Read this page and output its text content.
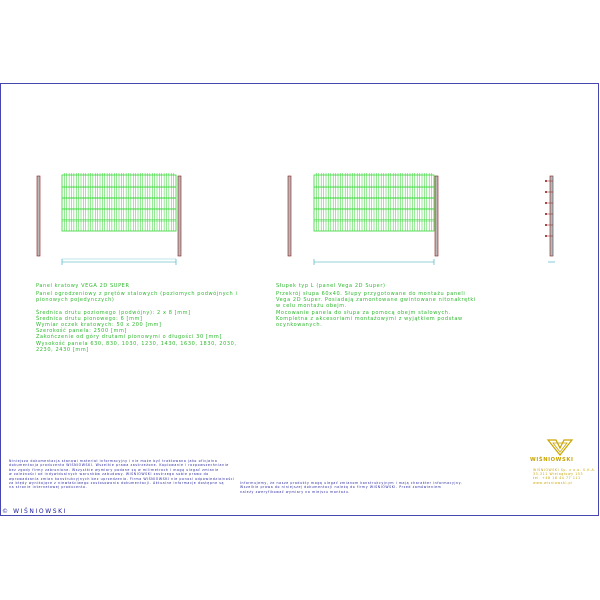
Panel kratowy VEGA 2D SUPER
Panel ogrodzeniowy z prętów stalowych (poziomych podwójnych i
pionowych pojedynczych)
Średnica drutu poziomego (podwójny): 2 x 8 [mm]
Średnica drutu pionowego: 6 [mm]
Wymiar oczek kratowych: 50 x 200 [mm]
Szerokość panela: 2500 [mm]
Zakończenie od góry drutami pionowymi o długości 30 [mm]
Wysokość panela 630, 830, 1030, 1230, 1430, 1630, 1830, 2030,
2230, 2430 [mm]
Słupek typ L (panel Vega 2D Super)
Przekrój słupa 60x40. Słupy przygotowane do montażu paneli
Vega 2D Super. Posiadają zamontowane gwintowane nitonakrętki
w celu montażu obejm.
Mocowanie panela do słupa za pomocą obejm stalowych.
Kompletna z akcesoriami montażowymi z wyjątkiem podstaw
ocynkowanych.
WIŚNIOWSKI
WIŚNIOWSKI Sp. z o.o. S.K.A.
33-311 Wielogłowy 153
tel. +48 18 44 77 111
www.wisniowski.pl
Niniejsza dokumentacja stanowi materiał informacyjny i nie może być traktowana jako oficjalna
dokumentacja producenta WIŚNIOWSKI. Wszelkie prawa zastrzeżone. Kopiowanie i rozpowszechnianie
bez zgody firmy zabronione. Wszystkie wymiary podane są w milimetrach i mogą ulegać zmianie
w zależności od indywidualnych warunków zabudowy. WIŚNIOWSKI zastrzega sobie prawo do
wprowadzania zmian konstrukcyjnych bez uprzedzenia. Firma WIŚNIOWSKI nie ponosi odpowiedzialności
za błędy wynikające z niewłaściwego zastosowania dokumentacji. Aktualne informacje dostępne są
na stronie internetowej producenta.
Informujemy, że nasze produkty mogą ulegać zmianom konstrukcyjnym i mają charakter informacyjny.
Wszelkie prawa do niniejszej dokumentacji należą do firmy WIŚNIOWSKI. Przed zamówieniem
należy zweryfikować wymiary na miejscu montażu.
© WIŚNIOWSKI
